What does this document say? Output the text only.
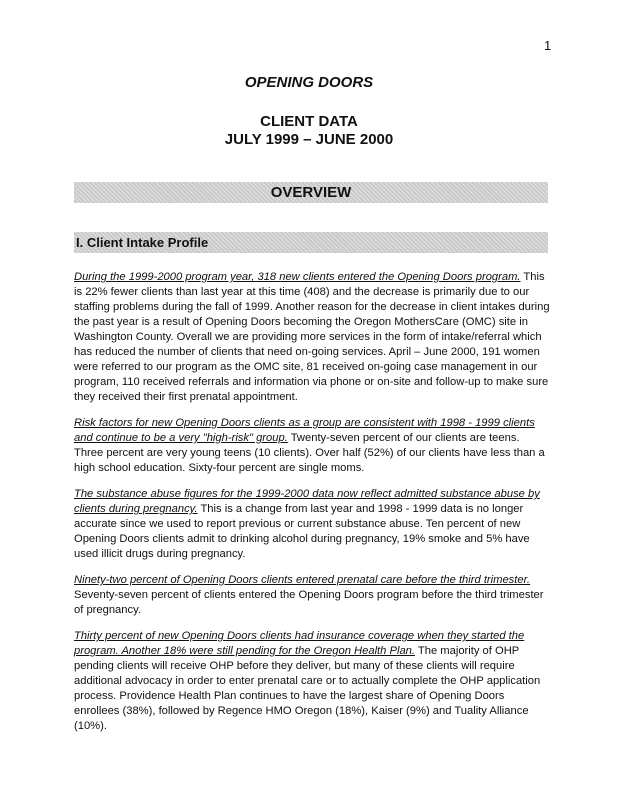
1

OPENING DOORS

CLIENT DATA

JULY 1999 – JUNE 2000

OVERVIEW
I. Client Intake Profile

During the 1999-2000 program year, 318 new clients entered the Opening Doors program. This is 22% fewer clients than last year at this time (408) and the decrease is primarily due to our staffing problems during the fall of 1999. Another reason for the decrease in client intakes during the past year is a result of Opening Doors becoming the Oregon MothersCare (OMC) site in Washington County. Overall we are providing more services in the form of intake/referral which has reduced the number of clients that need on-going services. April – June 2000, 191 women were referred to our program as the OMC site, 81 received on-going case management in our program, 110 received referrals and information via phone or on-site and follow-up to make sure they received their first prenatal appointment.

Risk factors for new Opening Doors clients as a group are consistent with 1998 - 1999 clients and continue to be a very "high-risk" group. Twenty-seven percent of our clients are teens. Three percent are very young teens (10 clients). Over half (52%) of our clients have less than a high school education. Sixty-four percent are single moms.

The substance abuse figures for the 1999-2000 data now reflect admitted substance abuse by clients during pregnancy. This is a change from last year and 1998 - 1999 data is no longer accurate since we used to report previous or current substance abuse. Ten percent of new Opening Doors clients admit to drinking alcohol during pregnancy, 19% smoke and 5% have used illicit drugs during pregnancy.

Ninety-two percent of Opening Doors clients entered prenatal care before the third trimester. Seventy-seven percent of clients entered the Opening Doors program before the third trimester of pregnancy.

Thirty percent of new Opening Doors clients had insurance coverage when they started the program. Another 18% were still pending for the Oregon Health Plan. The majority of OHP pending clients will receive OHP before they deliver, but many of these clients will require additional advocacy in order to enter prenatal care or to actually complete the OHP application process. Providence Health Plan continues to have the largest share of Opening Doors enrollees (38%), followed by Regence HMO Oregon (18%), Kaiser (9%) and Tuality Alliance (10%).
